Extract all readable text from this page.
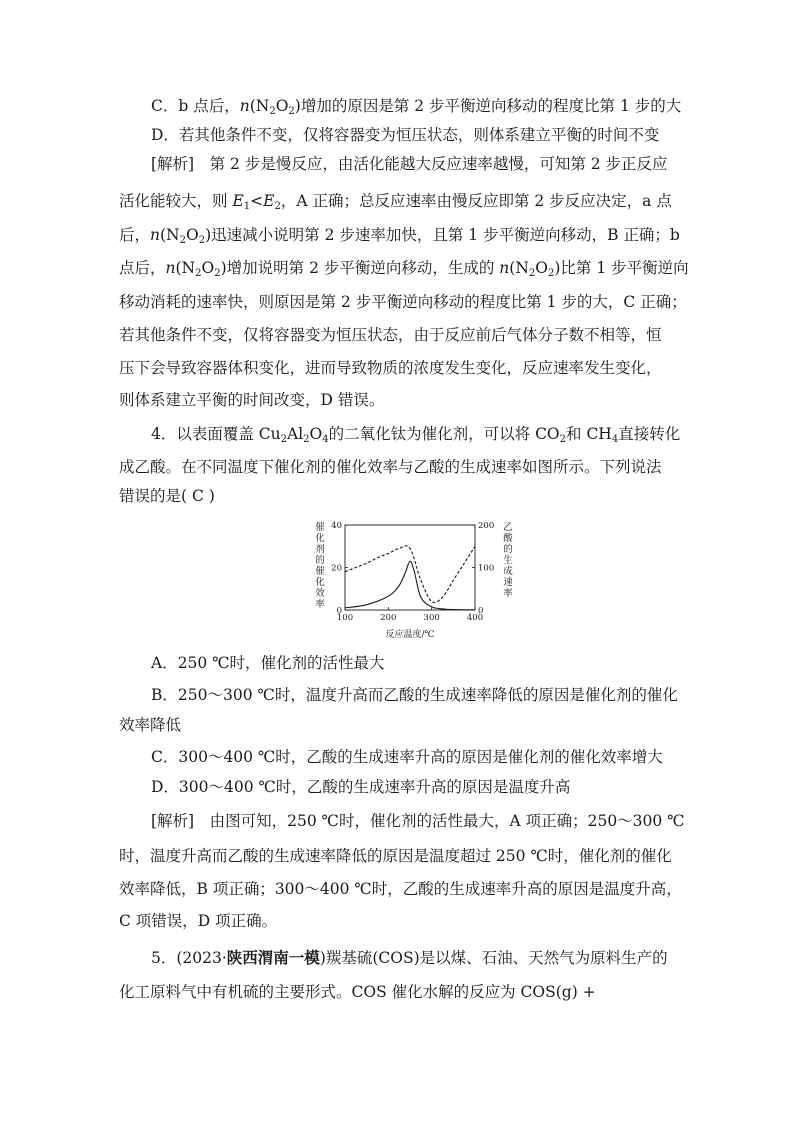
C．b 点后，$n(N_2O_2)$增加的原因是第 2 步平衡逆向移动的程度比第 1 步的大
D．若其他条件不变，仅将容器变为恒压状态，则体系建立平衡的时间不变
[解析]　第 2 步是慢反应，由活化能越大反应速率越慢，可知第 2 步正反应
活化能较大，则 $E_1<E_2$，A 正确；总反应速率由慢反应即第 2 步反应决定，a 点
后，$n(N_2O_2)$迅速减小说明第 2 步速率加快，且第 1 步平衡逆向移动，B 正确；b
点后，$n(N_2O_2)$增加说明第 2 步平衡逆向移动，生成的 $n(N_2O_2)$比第 1 步平衡逆向
移动消耗的速率快，则原因是第 2 步平衡逆向移动的程度比第 1 步的大，C 正确；
若其他条件不变，仅将容器变为恒压状态，由于反应前后气体分子数不相等，恒
压下会导致容器体积变化，进而导致物质的浓度发生变化，反应速率发生变化，
则体系建立平衡的时间改变，D 错误。
4．以表面覆盖 $Cu_2Al_2O_4$的二氧化钛为催化剂，可以将 $CO_2$和 $CH_4$直接转化
成乙酸。在不同温度下催化剂的催化效率与乙酸的生成速率如图所示。下列说法
错误的是( C )
催
化
剂
的
催
化
效
率
乙
酸
的
生
成
速
率
100	200	300	400
0
20
40
0
100
200
反应温度/℃
A．250 ℃时，催化剂的活性最大
B．250～300 ℃时，温度升高而乙酸的生成速率降低的原因是催化剂的催化
效率降低
C．300～400 ℃时，乙酸的生成速率升高的原因是催化剂的催化效率增大
D．300～400 ℃时，乙酸的生成速率升高的原因是温度升高
[解析]　 由图可知，250 ℃时，催化剂的活性最大，A 项正确；250～300 ℃
时，温度升高而乙酸的生成速率降低的原因是温度超过 250 ℃时，催化剂的催化
效率降低，B 项正确；300～400 ℃时，乙酸的生成速率升高的原因是温度升高，
C 项错误，D 项正确。
5．(2023·陕西渭南一模)羰基硫(COS)是以煤、石油、天然气为原料生产的
化工原料气中有机硫的主要形式。COS 催化水解的反应为 COS(g) +
